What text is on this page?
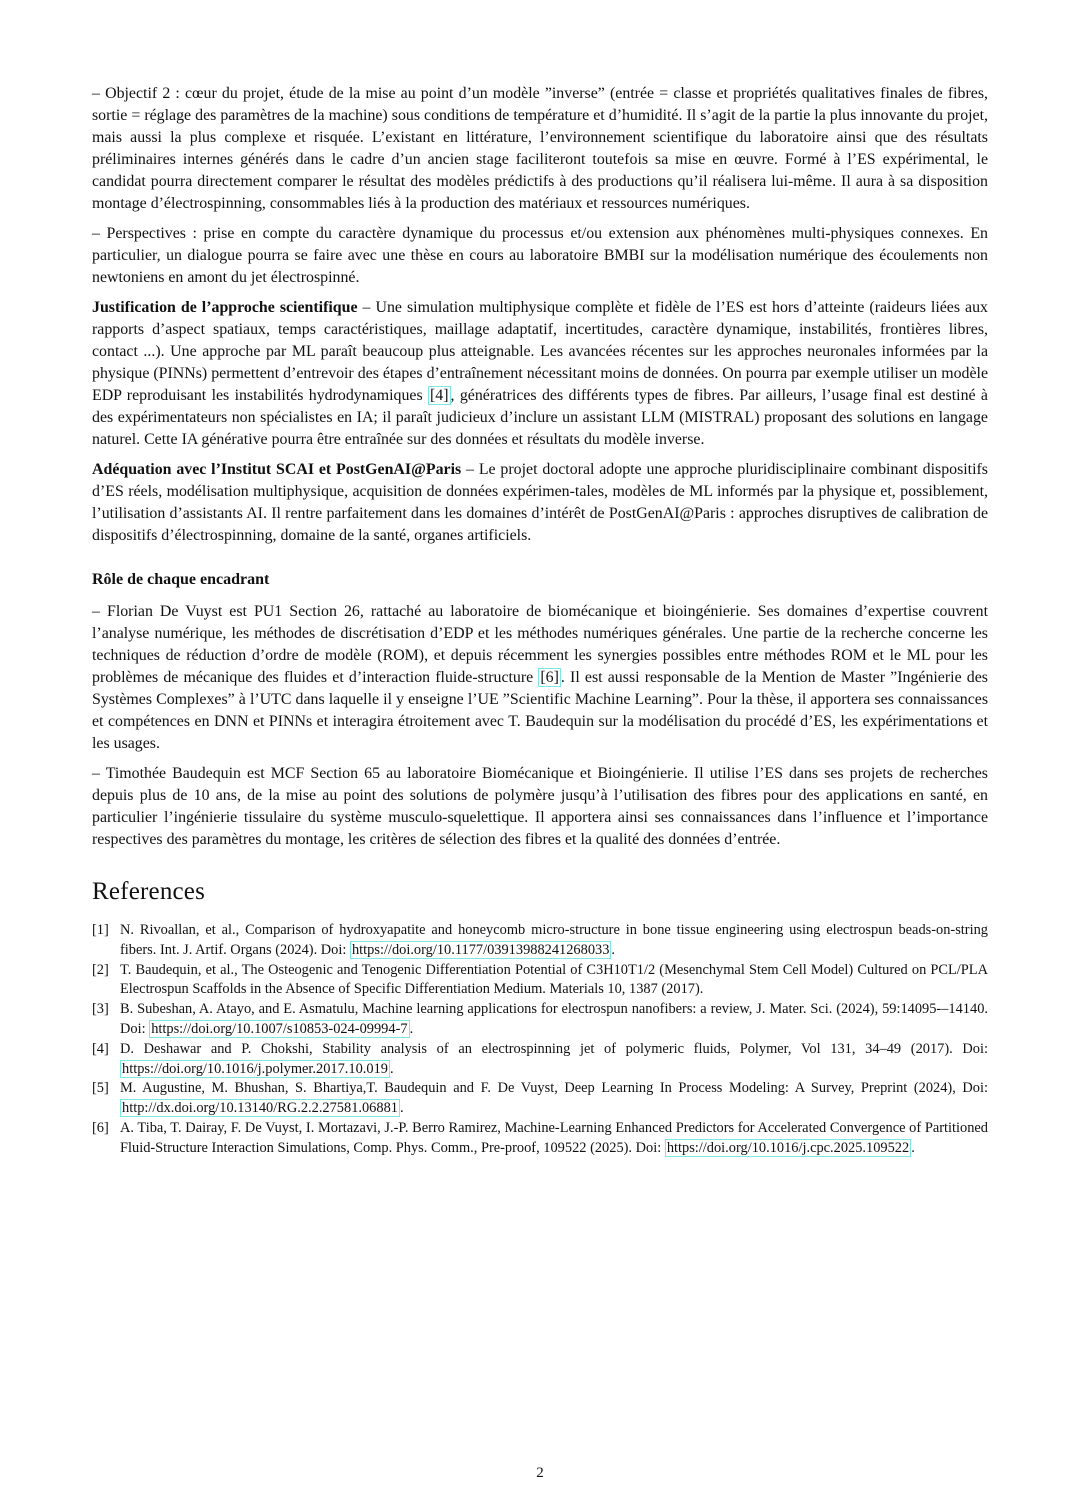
– Objectif 2 : cœur du projet, étude de la mise au point d’un modèle ”inverse” (entrée = classe et propriétés qualitatives finales de fibres, sortie = réglage des paramètres de la machine) sous conditions de température et d’humidité. Il s’agit de la partie la plus innovante du projet, mais aussi la plus complexe et risquée. L’existant en littérature, l’environnement scientifique du laboratoire ainsi que des résultats préliminaires internes générés dans le cadre d’un ancien stage faciliteront toutefois sa mise en œuvre. Formé à l’ES expérimental, le candidat pourra directement comparer le résultat des modèles prédictifs à des productions qu’il réalisera lui-même. Il aura à sa disposition montage d’électrospinning, consommables liés à la production des matériaux et ressources numériques.

– Perspectives : prise en compte du caractère dynamique du processus et/ou extension aux phénomènes multi-physiques connexes. En particulier, un dialogue pourra se faire avec une thèse en cours au laboratoire BMBI sur la modélisation numérique des écoulements non newtoniens en amont du jet électrospinné.

Justification de l’approche scientifique – Une simulation multiphysique complète et fidèle de l’ES est hors d’atteinte (raideurs liées aux rapports d’aspect spatiaux, temps caractéristiques, maillage adaptatif, incertitudes, caractère dynamique, instabilités, frontières libres, contact ...). Une approche par ML paraît beaucoup plus atteignable. Les avancées récentes sur les approches neuronales informées par la physique (PINNs) permettent d’entrevoir des étapes d’entraînement nécessitant moins de données. On pourra par exemple utiliser un modèle EDP reproduisant les instabilités hydrodynamiques [4] , génératrices des différents types de fibres. Par ailleurs, l’usage final est destiné à des expérimentateurs non spécialistes en IA; il paraît judicieux d’inclure un assistant LLM (MISTRAL) proposant des solutions en langage naturel. Cette IA générative pourra être entraînée sur des données et résultats du modèle inverse.

Adéquation avec l’Institut SCAI et PostGenAI@Paris – Le projet doctoral adopte une approche pluridisciplinaire combinant dispositifs d’ES réels, modélisation multiphysique, acquisition de données expérimen-tales, modèles de ML informés par la physique et, possiblement, l’utilisation d’assistants AI. Il rentre parfaitement dans les domaines d’intérêt de PostGenAI@Paris : approches disruptives de calibration de dispositifs d’électrospinning, domaine de la santé, organes artificiels.

Rôle de chaque encadrant

– Florian De Vuyst est PU1 Section 26, rattaché au laboratoire de biomécanique et bioingénierie. Ses domaines d’expertise couvrent l’analyse numérique, les méthodes de discrétisation d’EDP et les méthodes numériques générales. Une partie de la recherche concerne les techniques de réduction d’ordre de modèle (ROM), et depuis récemment les synergies possibles entre méthodes ROM et le ML pour les problèmes de mécanique des fluides et d’interaction fluide-structure [6] . Il est aussi responsable de la Mention de Master ”Ingénierie des Systèmes Complexes” à l’UTC dans laquelle il y enseigne l’UE ”Scientific Machine Learning”. Pour la thèse, il apportera ses connaissances et compétences en DNN et PINNs et interagira étroitement avec T. Baudequin sur la modélisation du procédé d’ES, les expérimentations et les usages.

– Timothée Baudequin est MCF Section 65 au laboratoire Biomécanique et Bioingénierie. Il utilise l’ES dans ses projets de recherches depuis plus de 10 ans, de la mise au point des solutions de polymère jusqu’à l’utilisation des fibres pour des applications en santé, en particulier l’ingénierie tissulaire du système musculo-squelettique. Il apportera ainsi ses connaissances dans l’influence et l’importance respectives des paramètres du montage, les critères de sélection des fibres et la qualité des données d’entrée.

References
[1] N. Rivoallan, et al., Comparison of hydroxyapatite and honeycomb micro-structure in bone tissue engineering using electrospun beads-on-string fibers. Int. J. Artif. Organs (2024). Doi: https://doi.org/10.1177/03913988241268033 .
[2] T. Baudequin, et al., The Osteogenic and Tenogenic Differentiation Potential of C3H10T1/2 (Mesenchymal Stem Cell Model) Cultured on PCL/PLA Electrospun Scaffolds in the Absence of Specific Differentiation Medium. Materials 10, 1387 (2017).
[3] B. Subeshan, A. Atayo, and E. Asmatulu, Machine learning applications for electrospun nanofibers: a review, J. Mater. Sci. (2024), 59:14095-–14140. Doi: https://doi.org/10.1007/s10853-024-09994-7 .
[4] D. Deshawar and P. Chokshi, Stability analysis of an electrospinning jet of polymeric fluids, Polymer, Vol 131, 34–49 (2017). Doi: https://doi.org/10.1016/j.polymer.2017.10.019 .
[5] M. Augustine, M. Bhushan, S. Bhartiya,T. Baudequin and F. De Vuyst, Deep Learning In Process Modeling: A Survey, Preprint (2024), Doi: http://dx.doi.org/10.13140/RG.2.2.27581.06881 .
[6] A. Tiba, T. Dairay, F. De Vuyst, I. Mortazavi, J.-P. Berro Ramirez, Machine-Learning Enhanced Predictors for Accelerated Convergence of Partitioned Fluid-Structure Interaction Simulations, Comp. Phys. Comm., Pre-proof, 109522 (2025). Doi: https://doi.org/10.1016/j.cpc.2025.109522 .
2
